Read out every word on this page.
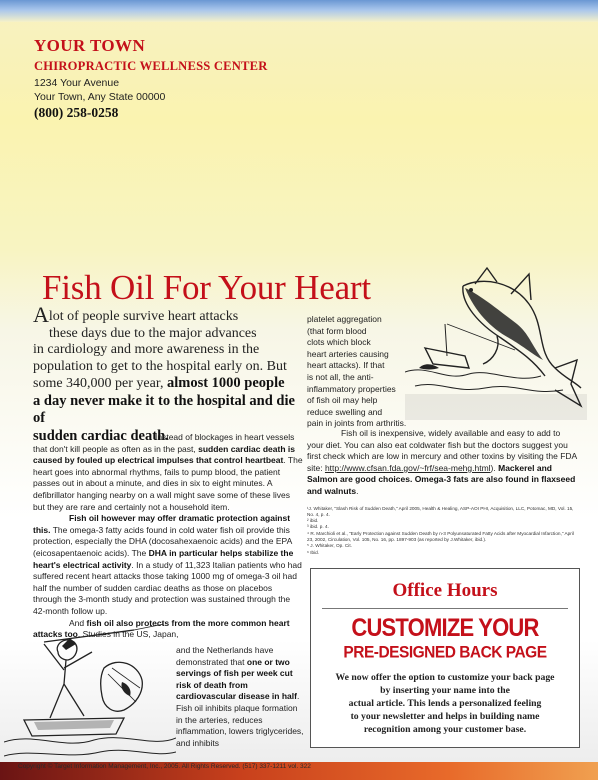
YOUR TOWN
CHIROPRACTIC WELLNESS CENTER
1234 Your Avenue
Your Town, Any State 00000
(800) 258-0258
Fish Oil For Your Heart
Alot of people survive heart attacks
these days due to the major advances
in cardiology and more awareness in the
population to get to the hospital early on. But
some 340,000 per year, almost 1000 people
a day never make it to the hospital and die of
sudden cardiac death.

Instead of blockages in heart vessels that don't kill people as often as in the past, sudden cardiac death is caused by fouled up electrical impulses that control heartbeat. The heart goes into abnormal rhythms, fails to pump blood, the patient passes out in about a minute, and dies in six to eight minutes. A defibrillator hanging nearby on a wall might save some of these lives but they are rare and certainly not a household item.

Fish oil however may offer dramatic protection against this. The omega-3 fatty acids found in cold water fish oil provide this protection, especially the DHA (docosahexaenoic acids) and the EPA (eicosapentaenoic acids). The DHA in particular helps stabilize the heart's electrical activity. In a study of 11,323 Italian patients who had suffered recent heart attacks those taking 1000 mg of omega-3 oil had half the number of sudden cardiac deaths as those on placebos through the 3-month study and protection was sustained through the 42-month follow up.

And fish oil also protects from the more common heart attacks too. Studies in the US, Japan,

and the Netherlands have
demonstrated that one or two servings of fish per week cut risk of death from cardiovascular disease in half. Fish oil inhibits plaque formation in the arteries, reduces inflammation, lowers triglycerides, and inhibits
platelet aggregation
(that form blood
clots which block
heart arteries causing
heart attacks). If that
is not all, the anti-
inflammatory properties
of fish oil may help
reduce swelling and
pain in joints from arthritis.

Fish oil is inexpensive, widely available and easy to add to your diet. You can also eat coldwater fish but the doctors suggest you first check which are low in mercury and other toxins by visiting the FDA site: http://www.cfsan.fda.gov/~frf/sea-mehg.html). Mackerel and Salmon are good choices. Omega-3 fats are also found in flaxseed and walnuts.

¹J. Whitaker, "Slash Risk of Sudden Death," April 2005, Health & Healing, ASP-AOI PHI, Acquisition, LLC, Potomac, MD, Vol. 15, No. 4, p. 4.
² ibid.
³ ibid. p. 4.
⁴ R. Marchioli et al., "Early Protection against Sudden Death by n-3 Polyunsaturated Fatty Acids after Myocardial Infarction," April 23, 2002, Circulation, Vol. 105, No. 16, pp. 1897-903 (as reported by J.Whitaker, ibid.).
⁵ J. Whitaker, Op. Cit.
⁶ Ibid.
Office Hours
CUSTOMIZE YOUR
PRE-DESIGNED BACK PAGE
We now offer the option to customize your back page
by inserting your name into the
actual article. This lends a personalized feeling
to your newsletter and helps in building name
recognition among your customer base.
Copyright © Target Information Management, Inc., 2005. All Rights Reserved. (517) 337-1211 vol. 322
